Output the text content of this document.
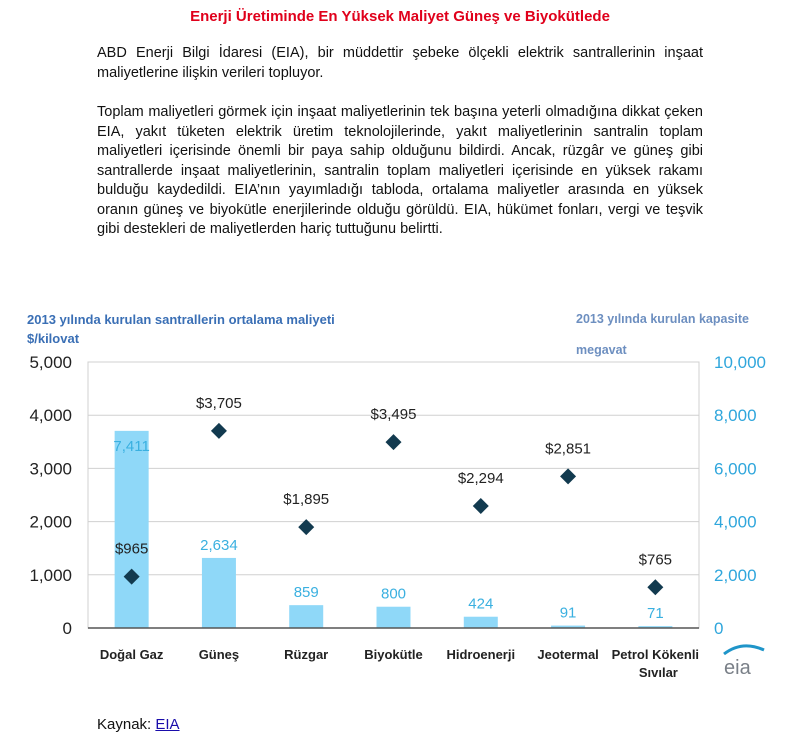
Enerji Üretiminde En Yüksek Maliyet Güneş ve Biyokütlede

ABD Enerji Bilgi İdaresi (EIA), bir müddettir şebeke ölçekli elektrik santrallerinin inşaat maliyetlerine ilişkin verileri topluyor.

Toplam maliyetleri görmek için inşaat maliyetlerinin tek başına yeterli olmadığına dikkat çeken EIA, yakıt tüketen elektrik üretim teknolojilerinde, yakıt maliyetlerinin santralin toplam maliyetleri içerisinde önemli bir paya sahip olduğunu bildirdi. Ancak, rüzgâr ve güneş gibi santrallerde inşaat maliyetlerinin, santralin toplam maliyetleri içerisinde en yüksek rakamı bulduğu kaydedildi. EIA’nın yayımladığı tabloda, ortalama maliyetler arasında en yüksek oranın güneş ve biyokütle enerjilerinde olduğu görüldü. EIA, hükümet fonları, vergi ve teşvik gibi destekleri de maliyetlerden hariç tuttuğunu belirtti.

2013 yılında kurulan santrallerin ortalama maliyeti
$/kilovat
2013 yılında kurulan kapasite
megavat
7,411
2,634
859	800
424
91	71
$965
$3,705
$1,895
$3,495
$2,294
$2,851
$765
0	0
1,000	2,000
2,000	4,000
3,000	6,000
4,000	8,000
5,000	10,000
Doğal Gaz	Güneş	Rüzgar	Biyokütle Hidroenerji Jeotermal Petrol Kökenli
Sıvılar eia
Kaynak: EIA
